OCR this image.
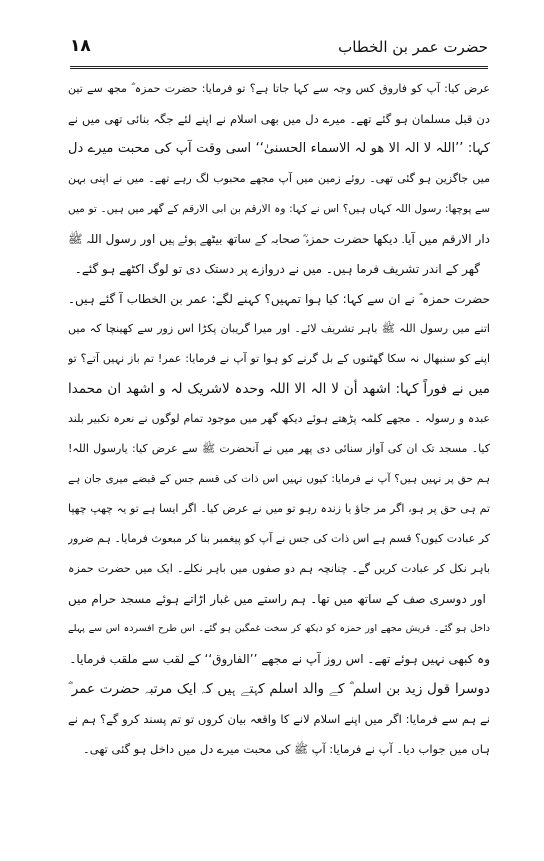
حضرت عمر بن الخطاب
۱۸
عرض کیا: آپ کو فاروق کس وجہ سے کہا جاتا ہے؟ تو فرمایا: حضرت حمزہ ؓ مجھ سے تین
دن قبل مسلمان ہو گئے تھے۔ میرے دل میں بھی اسلام نے اپنے لئے جگہ بنائی تھی میں نے
کہا: ’’اللہ لا الہ الا ھو لہ الاسماء الحسنیٰ‘‘ اسی وقت آپ کی محبت میرے دل
میں جاگزین ہو گئی تھی۔ روئے زمین میں آپ مجھے محبوب لگ رہے تھے۔ میں نے اپنی بہن
سے پوچھا: رسول اللہ کہاں ہیں؟ اس نے کہا: وہ الارقم بن ابی الارقم کے گھر میں ہیں۔ تو میں
دار الارقم میں آیا۔ دیکھا حضرت حمزہ ؓ صحابہ کے ساتھ بیٹھے ہوئے ہیں اور رسول اللہ ﷺ
گھر کے اندر تشریف فرما ہیں۔ میں نے دروازے پر دستک دی تو لوگ اکٹھے ہو گئے۔
حضرت حمزہ ؓ نے ان سے کہا: کیا ہوا تمہیں؟ کہنے لگے: عمر بن الخطاب آ گئے ہیں۔
اتنے میں رسول اللہ ﷺ باہر تشریف لائے۔ اور میرا گریبان پکڑا اس زور سے کھینچا کہ میں
اپنے کو سنبھال نہ سکا گھٹنوں کے بل گرنے کو ہوا تو آپ نے فرمایا: عمر! تم باز نہیں آتے؟ تو
میں نے فوراً کہا: اشھد أن لا الہ الا اللہ وحدہ لاشریک لہ و اشھد ان محمدا
عبدہ و رسولہ ۔ مجھے کلمہ پڑھتے ہوئے دیکھ گھر میں موجود تمام لوگوں نے نعرہ تکبیر بلند
کیا۔ مسجد تک ان کی آواز سنائی دی پھر میں نے آنحضرت ﷺ سے عرض کیا: یارسول اللہ!
ہم حق پر نہیں ہیں؟ آپ نے فرمایا: کیوں نہیں اس ذات کی قسم جس کے قبضے میری جان ہے
تم ہی حق پر ہو، اگر مر جاؤ یا زندہ رہو تو میں نے عرض کیا۔ اگر ایسا ہے تو یہ چھپ چھپا
کر عبادت کیوں؟ قسم ہے اس ذات کی جس نے آپ کو پیغمبر بنا کر مبعوث فرمایا۔ ہم ضرور
باہر نکل کر عبادت کریں گے۔ چنانچہ ہم دو صفوں میں باہر نکلے۔ ایک میں حضرت حمزہ
ؓ اور دوسری صف کے ساتھ میں تھا۔ ہم راستے میں غبار اڑاتے ہوئے مسجد حرام میں
داخل ہو گئے۔ قریش مجھے اور حمزہ کو دیکھ کر سخت غمگین ہو گئے۔ اس طرح افسردہ اس سے پہلے
وہ کبھی نہیں ہوئے تھے۔ اس روز آپ نے مجھے ’’الفاروق‘‘ کے لقب سے ملقب فرمایا۔
دوسرا قول زید بن اسلم ؓ کے والد اسلم کہتے ہیں کہ ایک مرتبہ حضرت عمر ؓ
نے ہم سے فرمایا: اگر میں اپنے اسلام لانے کا واقعہ بیان کروں تو تم پسند کرو گے؟ ہم نے
ہاں میں جواب دیا۔ آپ نے فرمایا: آپ ﷺ کی محبت میرے دل میں داخل ہو گئی تھی۔
